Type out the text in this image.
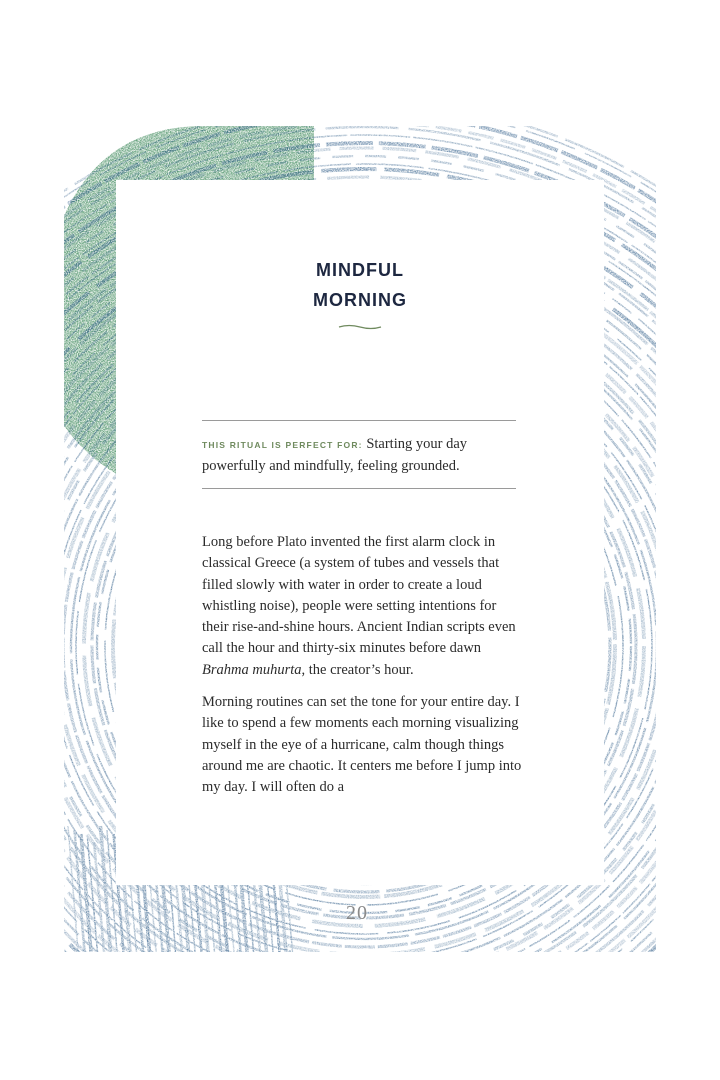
MINDFUL
MORNING
THIS RITUAL IS PERFECT FOR: Starting your day powerfully and mindfully, feeling grounded.

Long before Plato invented the first alarm clock in classical Greece (a system of tubes and vessels that filled slowly with water in order to create a loud whistling noise), people were setting intentions for their rise-and-shine hours. Ancient Indian scripts even call the hour and thirty-six minutes before dawn Brahma muhurta, the creator’s hour.

Morning routines can set the tone for your entire day. I like to spend a few moments each morning visualizing myself in the eye of a hurricane, calm though things around me are chaotic. It centers me before I jump into my day. I will often do a

20
